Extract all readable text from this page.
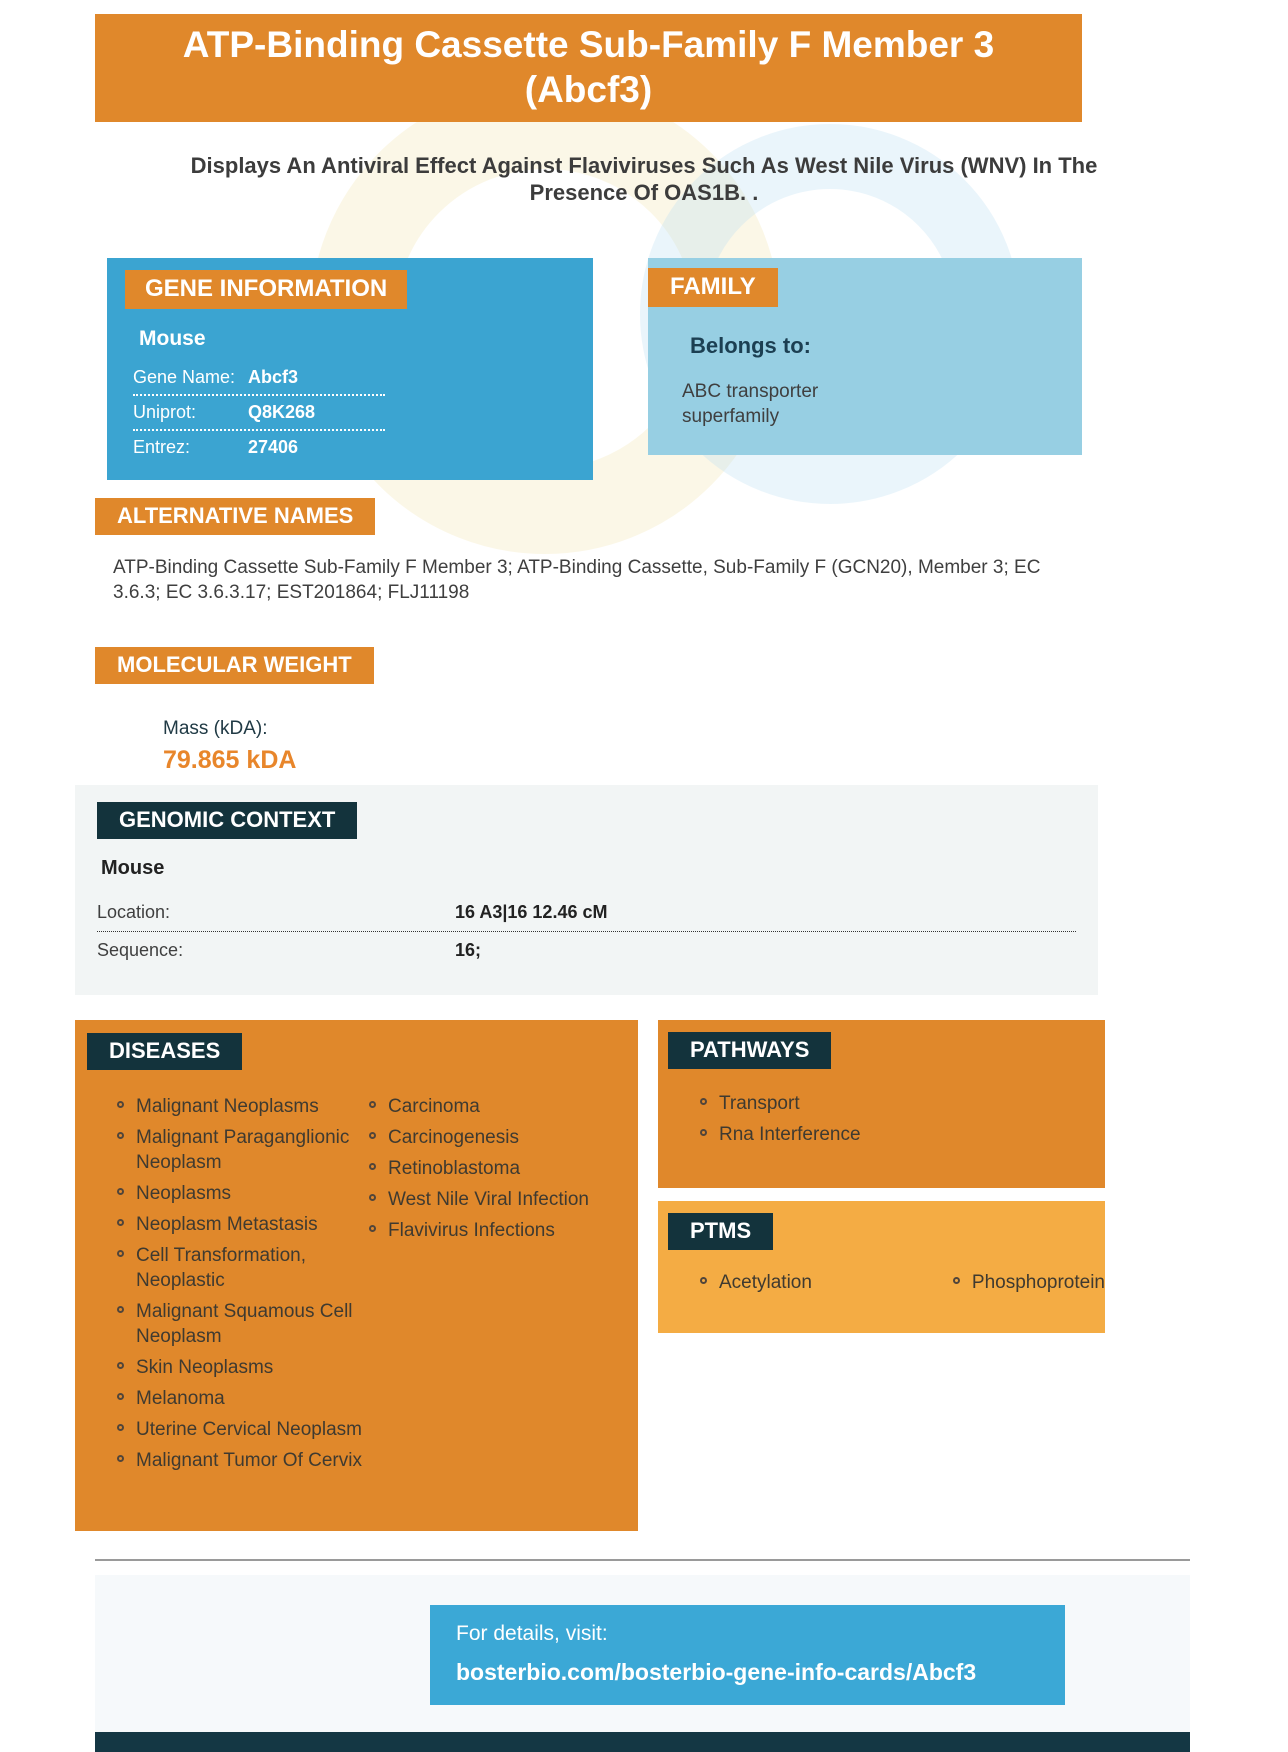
ATP-Binding Cassette Sub-Family F Member 3 (Abcf3)
Displays An Antiviral Effect Against Flaviviruses Such As West Nile Virus (WNV) In The Presence Of OAS1B. .
GENE INFORMATION
Mouse
Gene Name: Abcf3
Uniprot:	Q8K268
Entrez:	27406
FAMILY
Belongs to:
ABC transporter superfamily
ALTERNATIVE NAMES
ATP-Binding Cassette Sub-Family F Member 3; ATP-Binding Cassette, Sub-Family F (GCN20), Member 3; EC 3.6.3; EC 3.6.3.17; EST201864; FLJ11198
MOLECULAR WEIGHT
Mass (kDA):
79.865 kDA
GENOMIC CONTEXT
Mouse
Location:	16 A3|16 12.46 cM
Sequence:	16;
DISEASES
Malignant Neoplasms
Malignant Paraganglionic Neoplasm
Neoplasms
Neoplasm Metastasis
Cell Transformation, Neoplastic
Malignant Squamous Cell Neoplasm
Skin Neoplasms
Melanoma
Uterine Cervical Neoplasm
Malignant Tumor Of Cervix
Carcinoma
Carcinogenesis
Retinoblastoma
West Nile Viral Infection
Flavivirus Infections
PATHWAYS
Transport
Rna Interference
PTMS
Acetylation	Phosphoprotein
For details, visit:
bosterbio.com/bosterbio-gene-info-cards/Abcf3
